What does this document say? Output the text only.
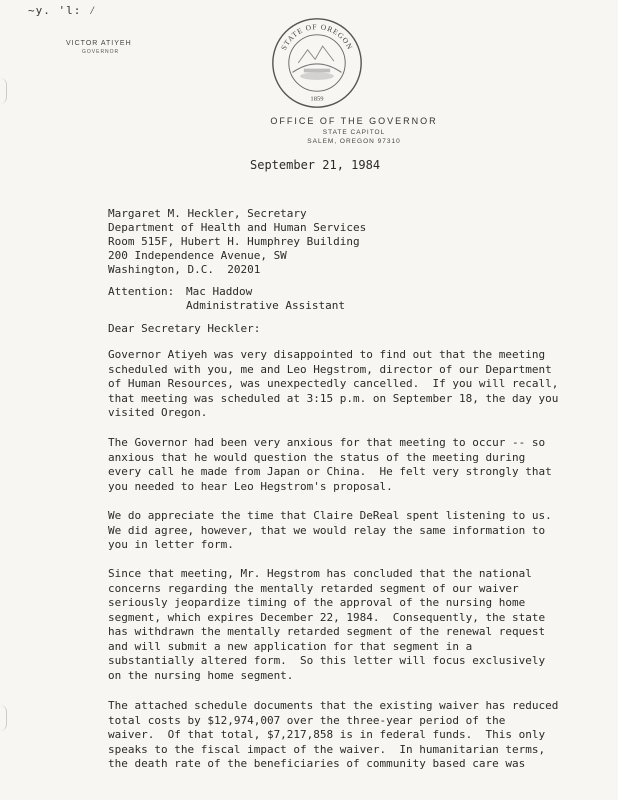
~y. 'l: ⁄
VICTOR ATIYEH
GOVERNOR
STATE OF OREGON
1859
OFFICE OF THE GOVERNOR
STATE CAPITOL
SALEM, OREGON 97310
September 21, 1984
Margaret M. Heckler, Secretary
Department of Health and Human Services
Room 515F, Hubert H. Humphrey Building
200 Independence Avenue, SW
Washington, D.C.  20201
Attention: Mac Haddow
Administrative Assistant
Dear Secretary Heckler:
Governor Atiyeh was very disappointed to find out that the meeting
scheduled with you, me and Leo Hegstrom, director of our Department
of Human Resources, was unexpectedly cancelled.  If you will recall,
that meeting was scheduled at 3:15 p.m. on September 18, the day you
visited Oregon.
The Governor had been very anxious for that meeting to occur -- so
anxious that he would question the status of the meeting during
every call he made from Japan or China.  He felt very strongly that
you needed to hear Leo Hegstrom's proposal.
We do appreciate the time that Claire DeReal spent listening to us.
We did agree, however, that we would relay the same information to
you in letter form.
Since that meeting, Mr. Hegstrom has concluded that the national
concerns regarding the mentally retarded segment of our waiver
seriously jeopardize timing of the approval of the nursing home
segment, which expires December 22, 1984.  Consequently, the state
has withdrawn the mentally retarded segment of the renewal request
and will submit a new application for that segment in a
substantially altered form.  So this letter will focus exclusively
on the nursing home segment.
The attached schedule documents that the existing waiver has reduced
total costs by $12,974,007 over the three-year period of the
waiver.  Of that total, $7,217,858 is in federal funds.  This only
speaks to the fiscal impact of the waiver.  In humanitarian terms,
the death rate of the beneficiaries of community based care was
